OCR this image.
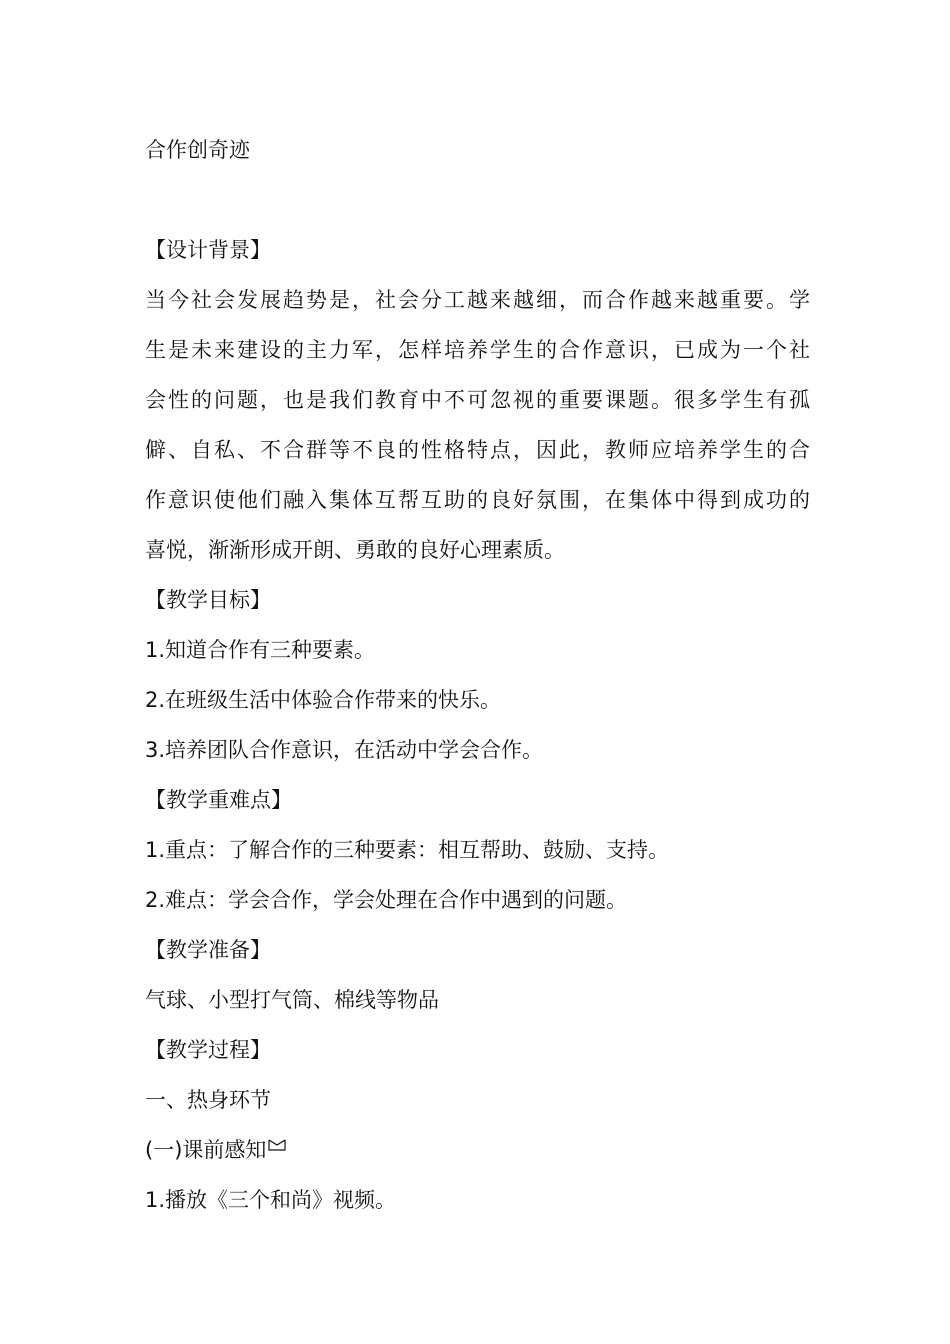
合作创奇迹
【设计背景】
当今社会发展趋势是，社会分工越来越细，而合作越来越重要。学
生是未来建设的主力军，怎样培养学生的合作意识，已成为一个社
会性的问题，也是我们教育中不可忽视的重要课题。很多学生有孤
僻、自私、不合群等不良的性格特点，因此，教师应培养学生的合
作意识使他们融入集体互帮互助的良好氛围，在集体中得到成功的
喜悦，渐渐形成开朗、勇敢的良好心理素质。
【教学目标】
1.知道合作有三种要素。
2.在班级生活中体验合作带来的快乐。
3.培养团队合作意识，在活动中学会合作。
【教学重难点】
1.重点：了解合作的三种要素：相互帮助、鼓励、支持。
2.难点：学会合作，学会处理在合作中遇到的问题。
【教学准备】
气球、小型打气筒、棉线等物品
【教学过程】
一、热身环节
(一)课前感知
1.播放《三个和尚》视频。
